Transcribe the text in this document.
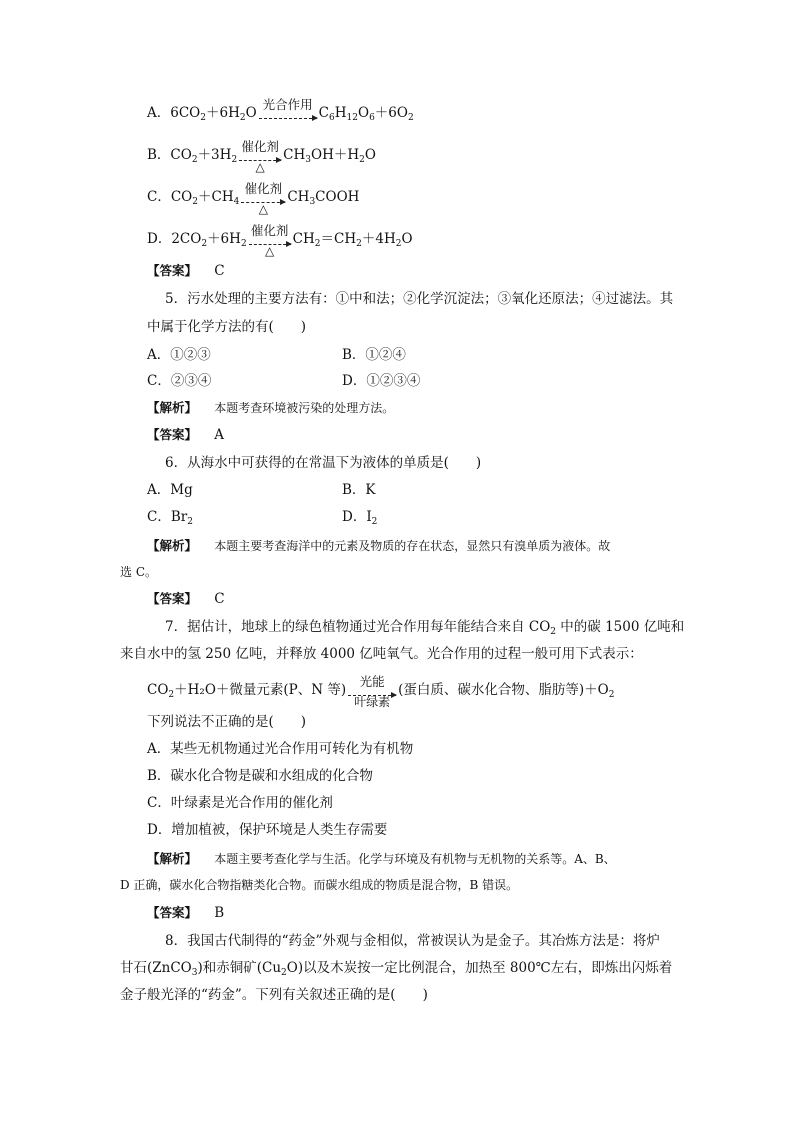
A．$6CO_2+6H_2O$
光合作用
$C_6H_{12}O_6+6O_2$
B．$CO_2+3H_2$
催化剂
△
$CH_3OH+H_2O$
C．$CO_2+CH_4$
催化剂
△
$CH_3COOH$
D．$2CO_2+6H_2$
催化剂
△
$CH_2=CH_2+4H_2O$
【答案】 C
5．污水处理的主要方法有：①中和法；②化学沉淀法；③氧化还原法；④过滤法。其
中属于化学方法的有(　　)
A．①②③	B．①②④
C．②③④	D．①②③④
【解析】 本题考查环境被污染的处理方法。
【答案】 A
6．从海水中可获得的在常温下为液体的单质是(　　)
A．Mg	B．K
C．$Br_2$	D．$I_2$
【解析】 本题主要考查海洋中的元素及物质的存在状态，显然只有溴单质为液体。故
选 C。
【答案】 C
7．据估计，地球上的绿色植物通过光合作用每年能结合来自 $CO_2$ 中的碳 1500 亿吨和
来自水中的氢 250 亿吨，并释放 4000 亿吨氧气。光合作用的过程一般可用下式表示：
$CO_2+H_2O+$微量元素(P、N 等)
光能
叶绿素
(蛋白质、碳水化合物、脂肪等)$+O_2$
下列说法不正确的是(　　)
A．某些无机物通过光合作用可转化为有机物
B．碳水化合物是碳和水组成的化合物
C．叶绿素是光合作用的催化剂
D．增加植被，保护环境是人类生存需要
【解析】 本题主要考查化学与生活。化学与环境及有机物与无机物的关系等。A、B、
D 正确，碳水化合物指糖类化合物。而碳水组成的物质是混合物，B 错误。
【答案】 B
8．我国古代制得的“药金”外观与金相似，常被误认为是金子。其冶炼方法是：将炉
甘石(ZnCO$_3$)和赤铜矿$(Cu_2O)$以及木炭按一定比例混合，加热至 800℃左右，即炼出闪烁着
金子般光泽的“药金”。下列有关叙述正确的是(　　)
